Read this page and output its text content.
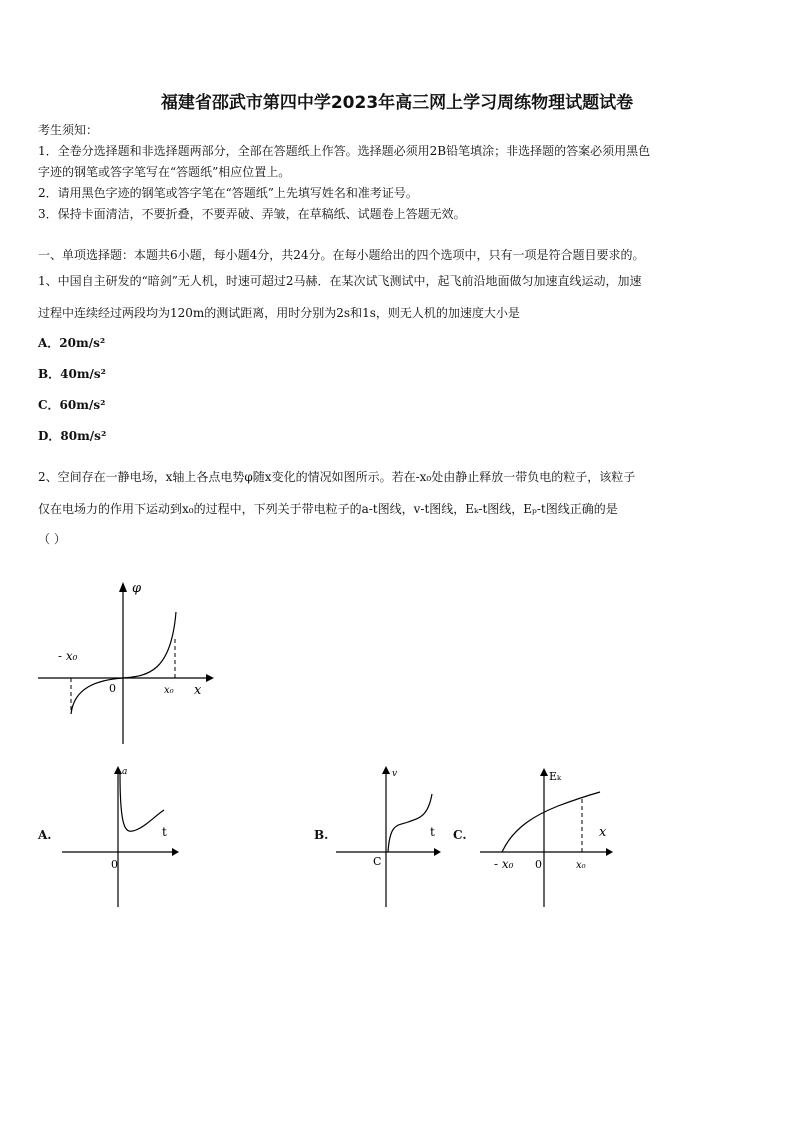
福建省邵武市第四中学2023年高三网上学习周练物理试题试卷
考生须知：
1．全卷分选择题和非选择题两部分，全部在答题纸上作答。选择题必须用2B铅笔填涂；非选择题的答案必须用黑色
字迹的钢笔或答字笔写在“答题纸”相应位置上。
2．请用黑色字迹的钢笔或答字笔在“答题纸”上先填写姓名和准考证号。
3．保持卡面清洁，不要折叠，不要弄破、弄皱，在草稿纸、试题卷上答题无效。
一、单项选择题：本题共6小题，每小题4分，共24分。在每小题给出的四个选项中，只有一项是符合题目要求的。
1、中国自主研发的“暗剑”无人机，时速可超过2马赫．在某次试飞测试中，起飞前沿地面做匀加速直线运动，加速
过程中连续经过两段均为120m的测试距离，用时分别为2s和1s，则无人机的加速度大小是
A．20m/s²
B．40m/s²
C．60m/s²
D．80m/s²
2、空间存在一静电场，x轴上各点电势φ随x变化的情况如图所示。若在-x₀处由静止释放一带负电的粒子，该粒子
仅在电场力的作用下运动到x₀的过程中，下列关于带电粒子的a-t图线，v-t图线，Eₖ-t图线，Eₚ-t图线正确的是
（ ）
φ
x
0
- x₀
x₀
A.
a
t
0
B.
v
t
C
C.
Eₖ
x
0
- x₀	x₀
